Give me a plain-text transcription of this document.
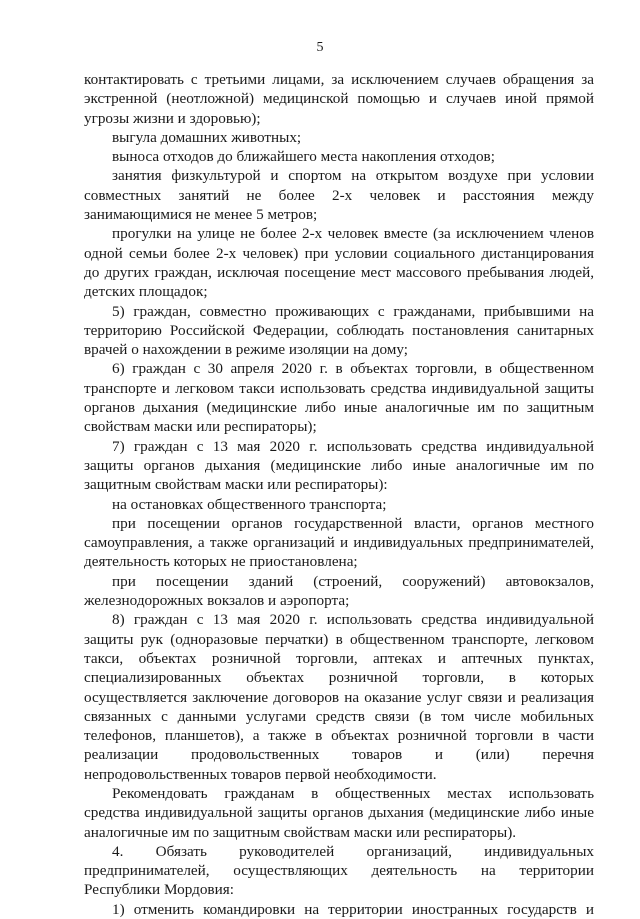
5
контактировать с третьими лицами, за исключением случаев обращения за
экстренной (неотложной) медицинской помощью и случаев иной прямой
угрозы жизни и здоровью);
выгула домашних животных;
выноса отходов до ближайшего места накопления отходов;
занятия физкультурой и спортом на открытом воздухе при условии
совместных занятий не более 2-х человек и расстояния между
занимающимися не менее 5 метров;
прогулки на улице не более 2-х человек вместе (за исключением членов
одной семьи более 2-х человек) при условии социального дистанцирования
до других граждан, исключая посещение мест массового пребывания людей,
детских площадок;
5) граждан, совместно проживающих с гражданами, прибывшими на
территорию Российской Федерации, соблюдать постановления санитарных
врачей о нахождении в режиме изоляции на дому;
6) граждан с 30 апреля 2020 г. в объектах торговли, в общественном
транспорте и легковом такси использовать средства индивидуальной защиты
органов дыхания (медицинские либо иные аналогичные им по защитным
свойствам маски или респираторы);
7) граждан с 13 мая 2020 г. использовать средства индивидуальной
защиты органов дыхания (медицинские либо иные аналогичные им по
защитным свойствам маски или респираторы):
на остановках общественного транспорта;
при посещении органов государственной власти, органов местного
самоуправления, а также организаций и индивидуальных предпринимателей,
деятельность которых не приостановлена;
при посещении зданий (строений, сооружений) автовокзалов,
железнодорожных вокзалов и аэропорта;
8) граждан с 13 мая 2020 г. использовать средства индивидуальной
защиты рук (одноразовые перчатки) в общественном транспорте, легковом
такси, объектах розничной торговли, аптеках и аптечных пунктах,
специализированных объектах розничной торговли, в которых
осуществляется заключение договоров на оказание услуг связи и реализация
связанных с данными услугами средств связи (в том числе мобильных
телефонов, планшетов), а также в объектах розничной торговли в части
реализации продовольственных товаров и (или) перечня
непродовольственных товаров первой необходимости.
Рекомендовать гражданам в общественных местах использовать
средства индивидуальной защиты органов дыхания (медицинские либо иные
аналогичные им по защитным свойствам маски или респираторы).
4. Обязать руководителей организаций, индивидуальных
предпринимателей, осуществляющих деятельность на территории
Республики Мордовия:
1) отменить командировки на территории иностранных государств и
